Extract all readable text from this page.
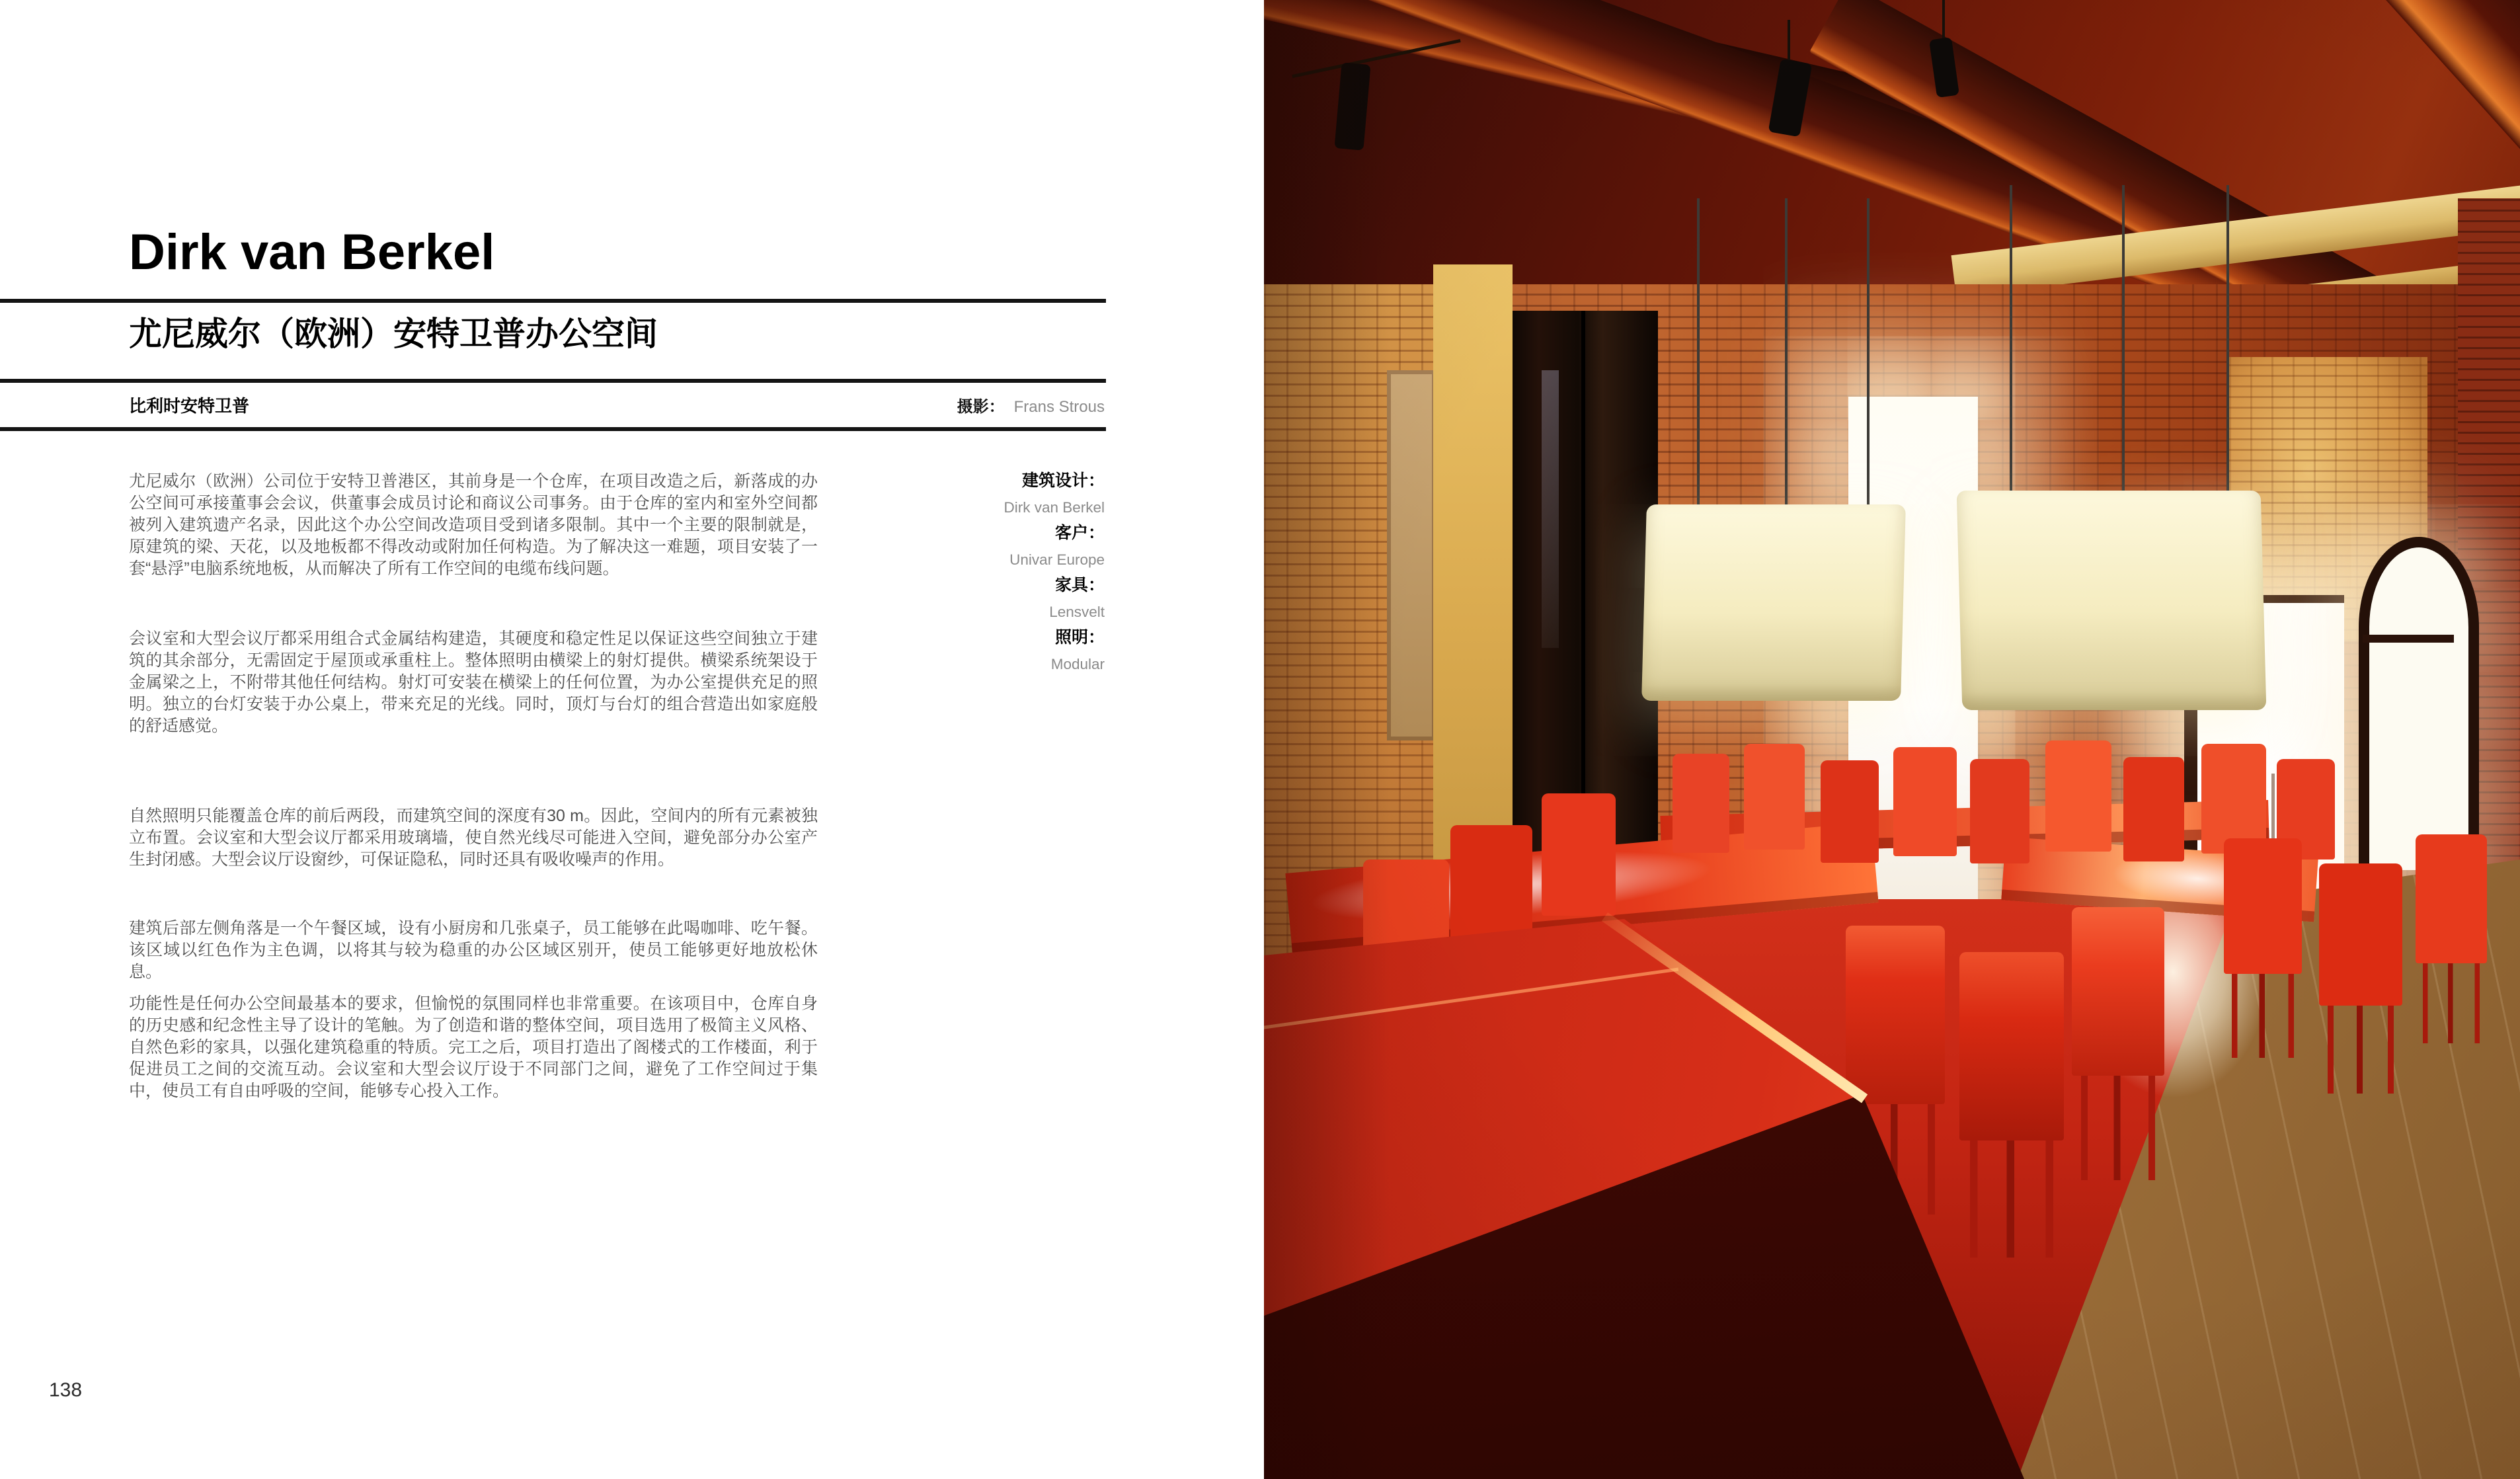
Dirk van Berkel
尤尼威尔（欧洲）安特卫普办公空间
比利时安特卫普	摄影： Frans Strous

尤尼威尔（欧洲）公司位于安特卫普港区，其前身是一个仓库，在项目改造之后，新落成的办公空间可承接董事会会议，供董事会成员讨论和商议公司事务。由于仓库的室内和室外空间都被列入建筑遗产名录，因此这个办公空间改造项目受到诸多限制。其中一个主要的限制就是，原建筑的梁、天花，以及地板都不得改动或附加任何构造。为了解决这一难题，项目安装了一套“悬浮”电脑系统地板，从而解决了所有工作空间的电缆布线问题。

会议室和大型会议厅都采用组合式金属结构建造，其硬度和稳定性足以保证这些空间独立于建筑的其余部分，无需固定于屋顶或承重柱上。整体照明由横梁上的射灯提供。横梁系统架设于金属梁之上，不附带其他任何结构。射灯可安装在横梁上的任何位置，为办公室提供充足的照明。独立的台灯安装于办公桌上，带来充足的光线。同时，顶灯与台灯的组合营造出如家庭般的舒适感觉。

自然照明只能覆盖仓库的前后两段，而建筑空间的深度有30 m。因此，空间内的所有元素被独立布置。会议室和大型会议厅都采用玻璃墙，使自然光线尽可能进入空间，避免部分办公室产生封闭感。大型会议厅设窗纱，可保证隐私，同时还具有吸收噪声的作用。

建筑后部左侧角落是一个午餐区域，设有小厨房和几张桌子，员工能够在此喝咖啡、吃午餐。该区域以红色作为主色调，以将其与较为稳重的办公区域区别开，使员工能够更好地放松休息。

功能性是任何办公空间最基本的要求，但愉悦的氛围同样也非常重要。在该项目中，仓库自身的历史感和纪念性主导了设计的笔触。为了创造和谐的整体空间，项目选用了极简主义风格、自然色彩的家具，以强化建筑稳重的特质。完工之后，项目打造出了阁楼式的工作楼面，利于促进员工之间的交流互动。会议室和大型会议厅设于不同部门之间，避免了工作空间过于集中，使员工有自由呼吸的空间，能够专心投入工作。

建筑设计：
Dirk van Berkel
客户：
Univar Europe
家具：
Lensvelt
照明：
Modular
138
